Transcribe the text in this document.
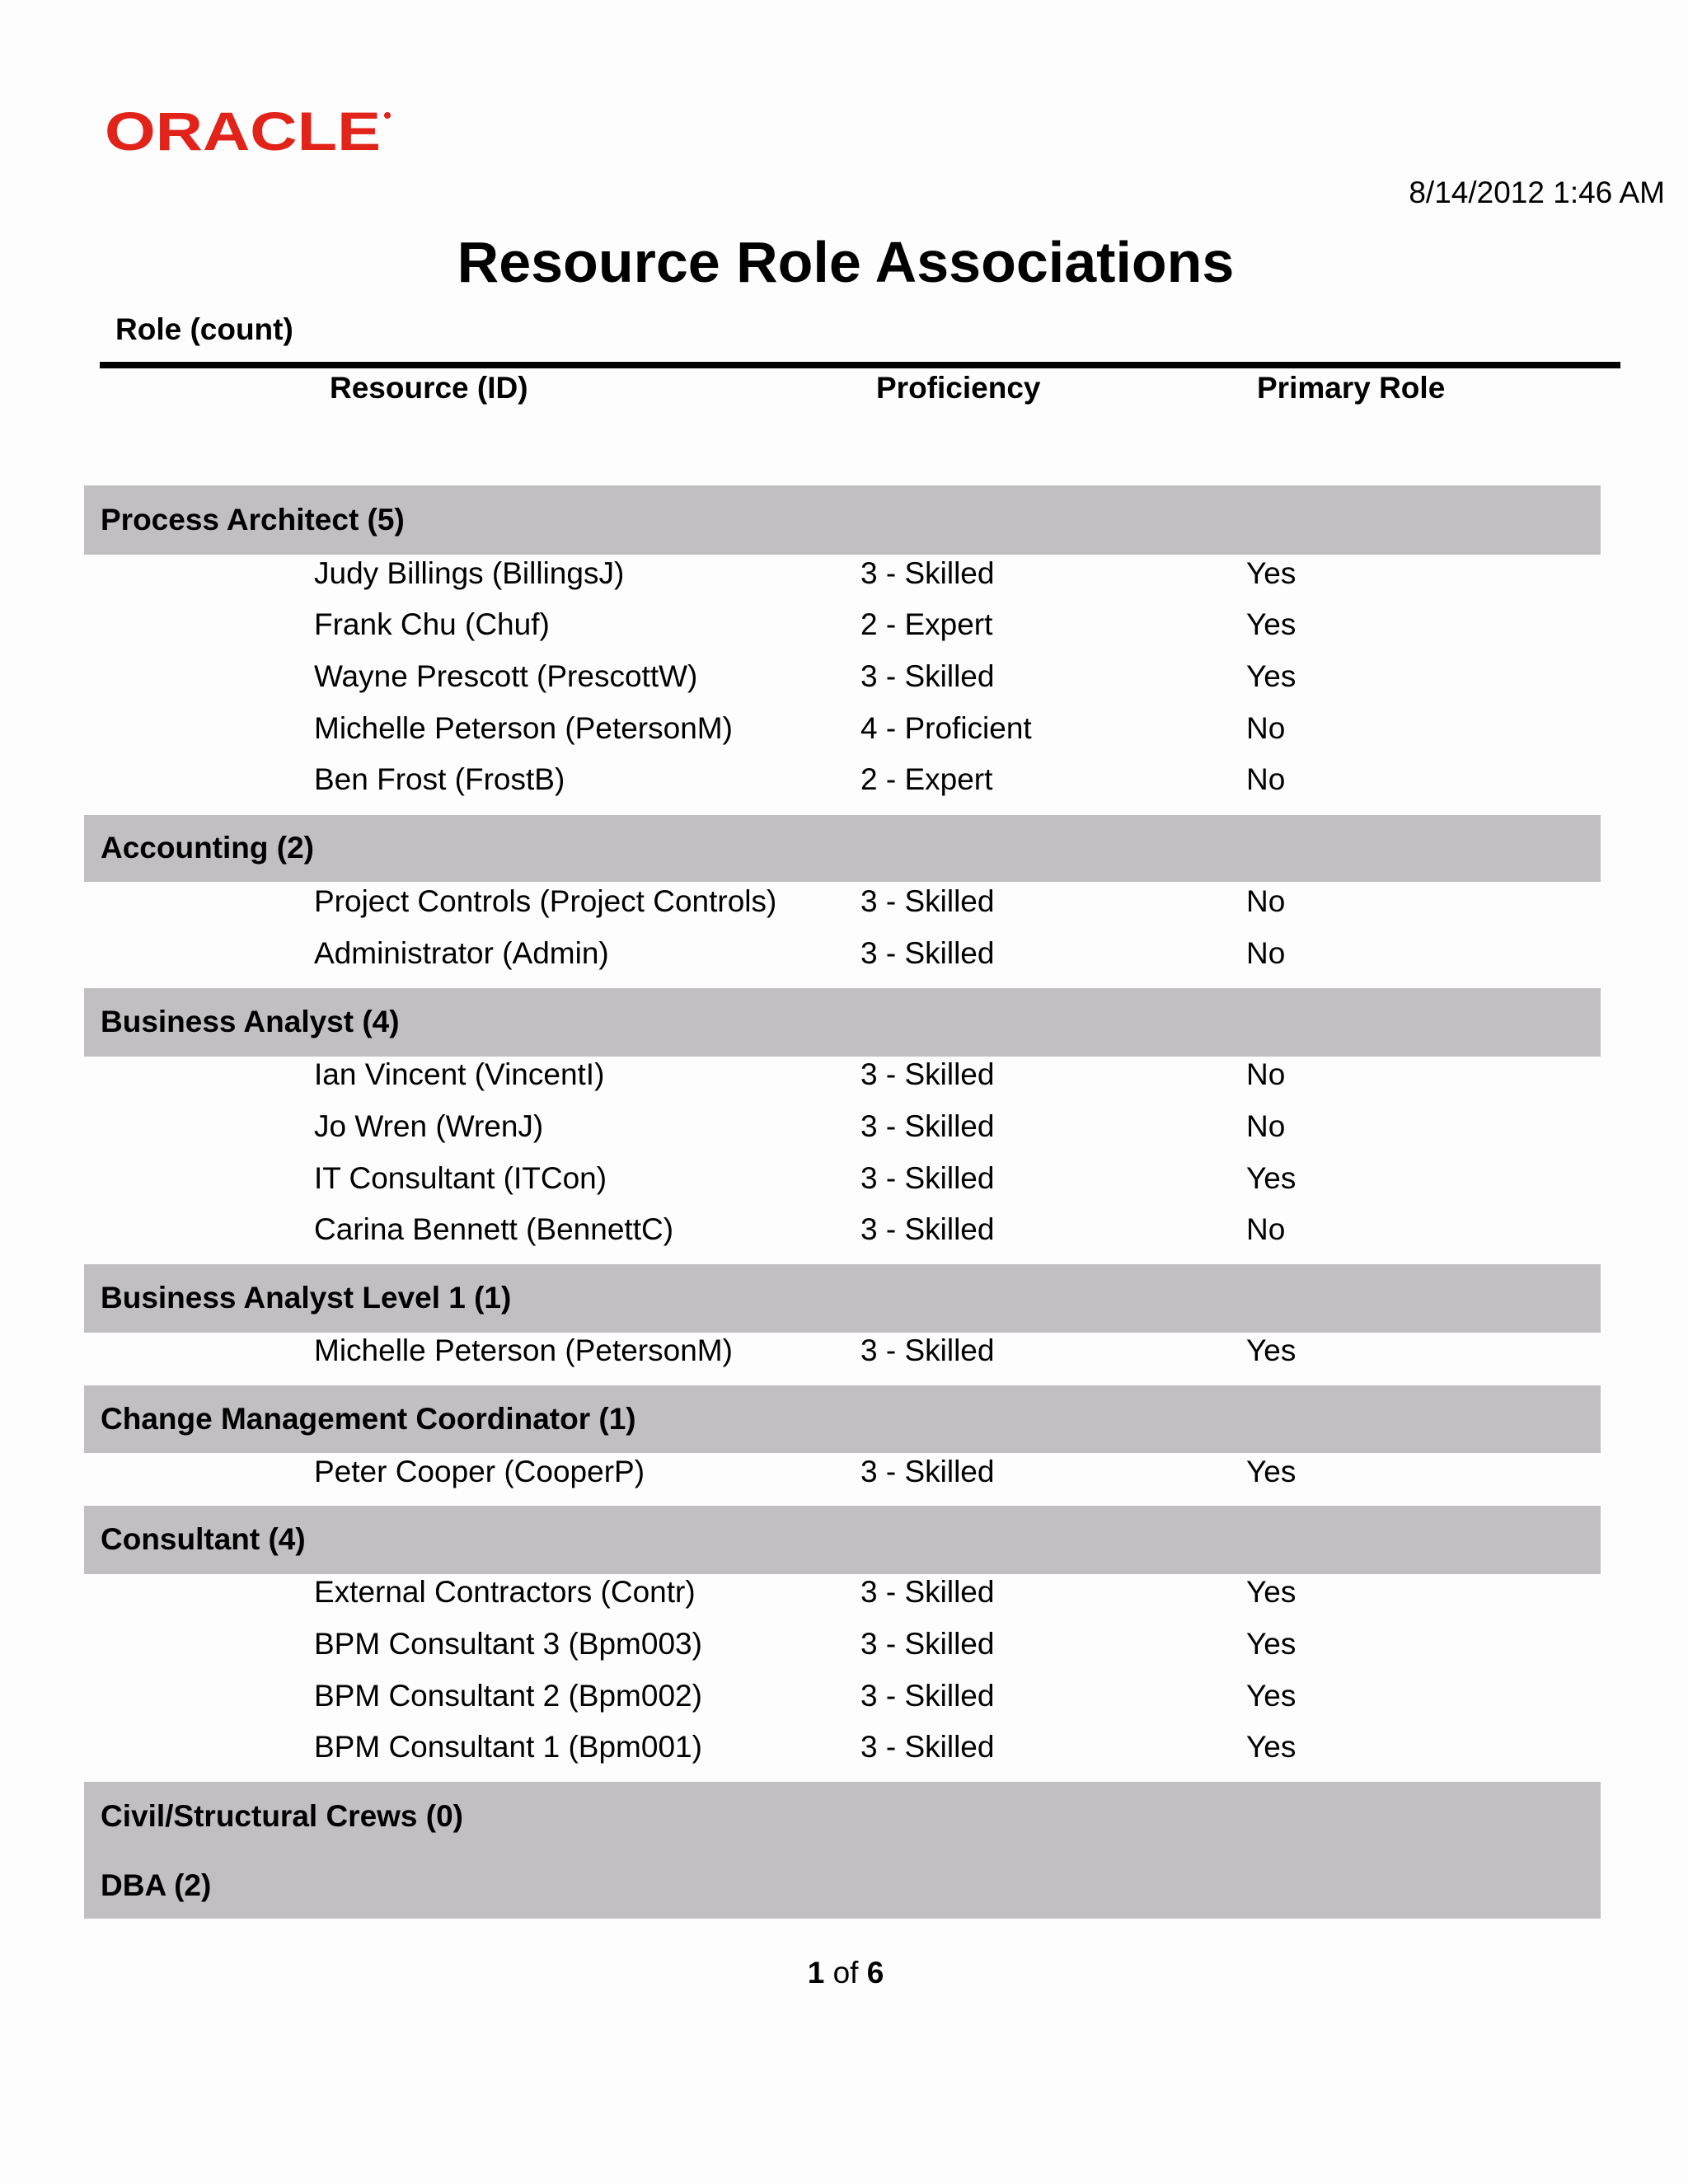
ORACLE
8/14/2012 1:46 AM
Resource Role Associations
Role (count)
Resource (ID)	Proficiency	Primary Role
Process Architect (5)
Judy Billings (BillingsJ)	3 - Skilled	Yes
Frank Chu (Chuf)	2 - Expert	Yes
Wayne Prescott (PrescottW)	3 - Skilled	Yes
Michelle Peterson (PetersonM)	4 - Proficient	No
Ben Frost (FrostB)	2 - Expert	No
Accounting (2)
Project Controls (Project Controls)	3 - Skilled	No
Administrator (Admin)	3 - Skilled	No
Business Analyst (4)
Ian Vincent (VincentI)	3 - Skilled	No
Jo Wren (WrenJ)	3 - Skilled	No
IT Consultant (ITCon)	3 - Skilled	Yes
Carina Bennett (BennettC)	3 - Skilled	No
Business Analyst Level 1 (1)
Michelle Peterson (PetersonM)	3 - Skilled	Yes
Change Management Coordinator (1)
Peter Cooper (CooperP)	3 - Skilled	Yes
Consultant (4)
External Contractors (Contr)	3 - Skilled	Yes
BPM Consultant 3 (Bpm003)	3 - Skilled	Yes
BPM Consultant 2 (Bpm002)	3 - Skilled	Yes
BPM Consultant 1 (Bpm001)	3 - Skilled	Yes
Civil/Structural Crews (0)
DBA (2)
1 of 6
